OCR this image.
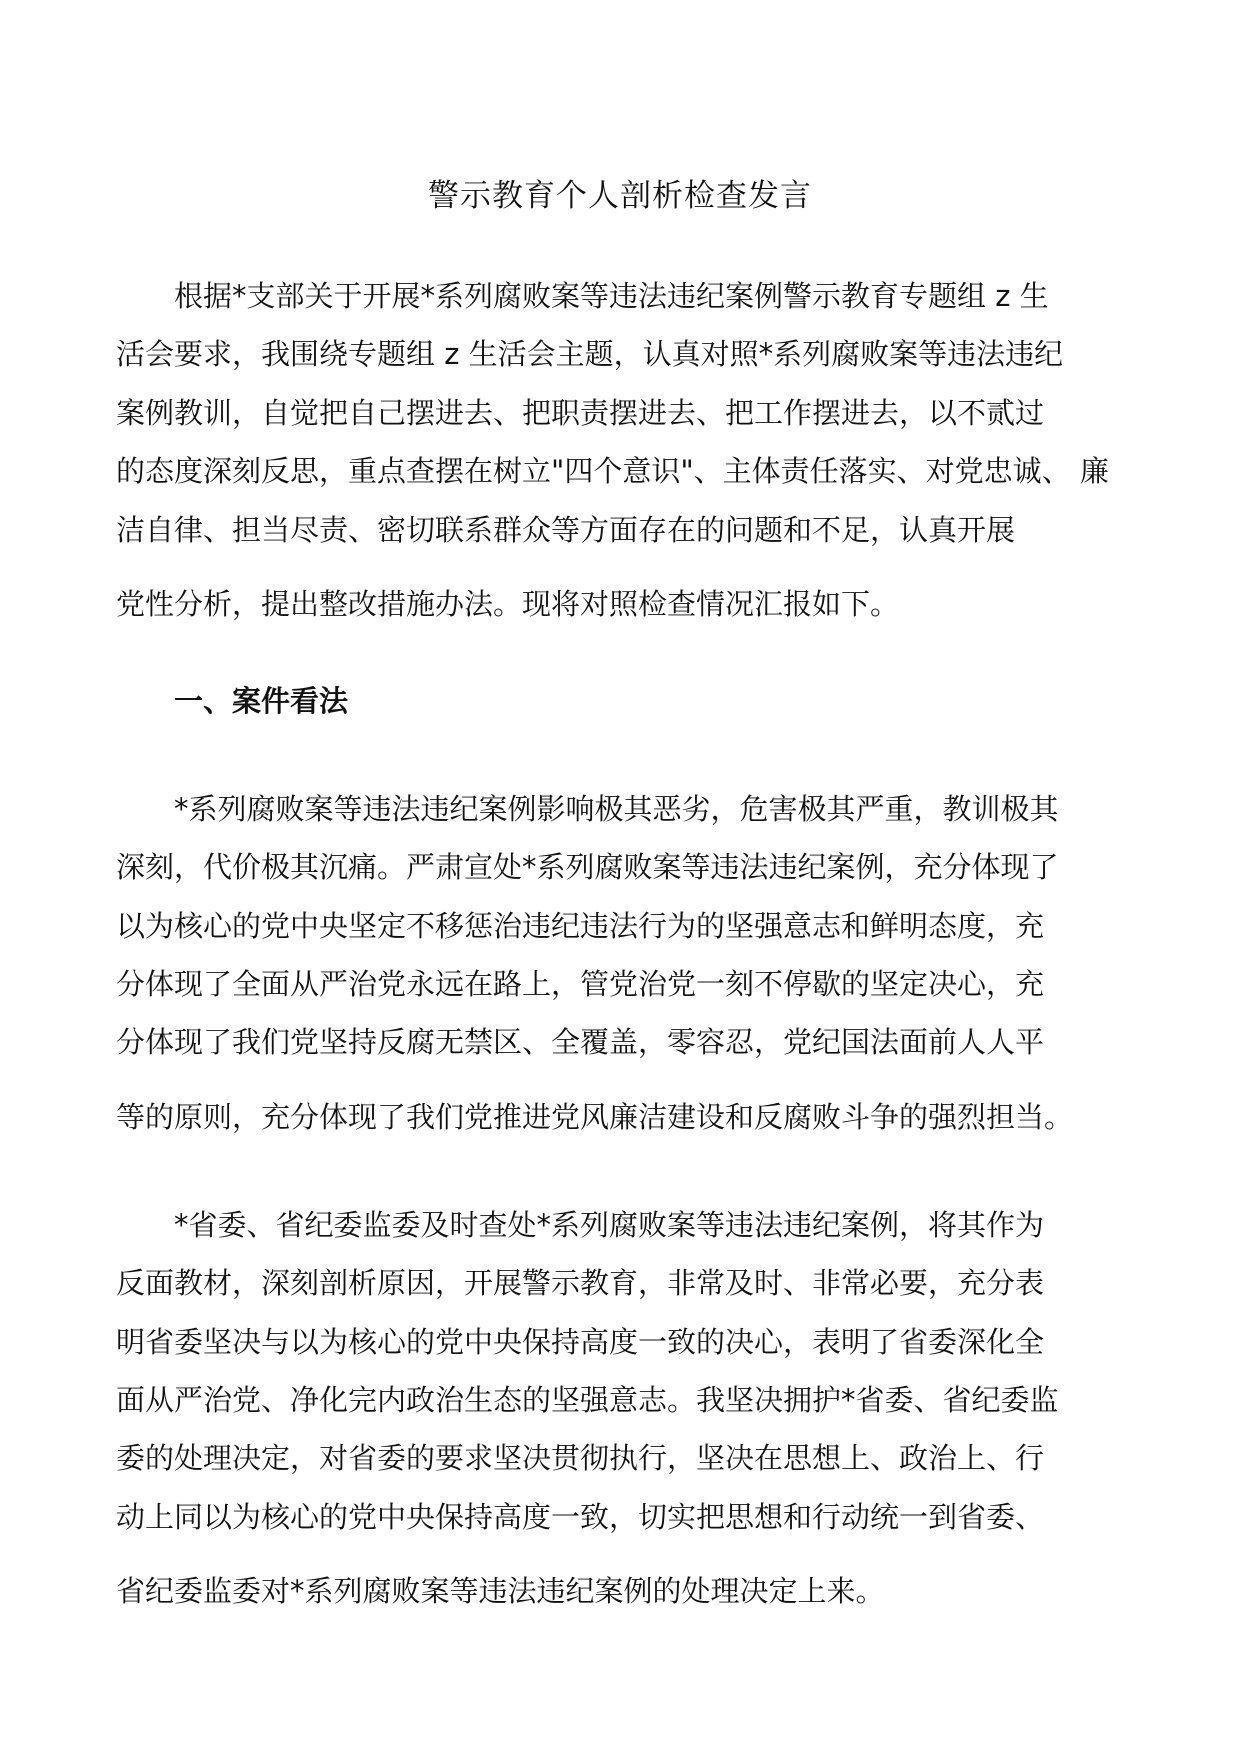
警示教育个人剖析检查发言
　　根据*支部关于开展*系列腐败案等违法违纪案例警示教育专题组 z 生
活会要求，我围绕专题组 z 生活会主题，认真对照*系列腐败案等违法违纪
案例教训，自觉把自己摆进去、把职责摆进去、把工作摆进去，以不贰过
的态度深刻反思，重点查摆在树立"四个意识"、主体责任落实、对党忠诚、 廉
洁自律、担当尽责、密切联系群众等方面存在的问题和不足，认真开展
党性分析，提出整改措施办法。现将对照检查情况汇报如下。
　　一、案件看法
　　*系列腐败案等违法违纪案例影响极其恶劣，危害极其严重，教训极其
深刻，代价极其沉痛。严肃宣处*系列腐败案等违法违纪案例，充分体现了
以为核心的党中央坚定不移惩治违纪违法行为的坚强意志和鲜明态度，充
分体现了全面从严治党永远在路上，管党治党一刻不停歇的坚定决心，充
分体现了我们党坚持反腐无禁区、全覆盖，零容忍，党纪国法面前人人平
等的原则，充分体现了我们党推进党风廉洁建设和反腐败斗争的强烈担当。
　　*省委、省纪委监委及时查处*系列腐败案等违法违纪案例，将其作为
反面教材，深刻剖析原因，开展警示教育，非常及时、非常必要，充分表
明省委坚决与以为核心的党中央保持高度一致的决心，表明了省委深化全
面从严治党、净化完内政治生态的坚强意志。我坚决拥护*省委、省纪委监
委的处理决定，对省委的要求坚决贯彻执行，坚决在思想上、政治上、行
动上同以为核心的党中央保持高度一致，切实把思想和行动统一到省委、
省纪委监委对*系列腐败案等违法违纪案例的处理决定上来。
